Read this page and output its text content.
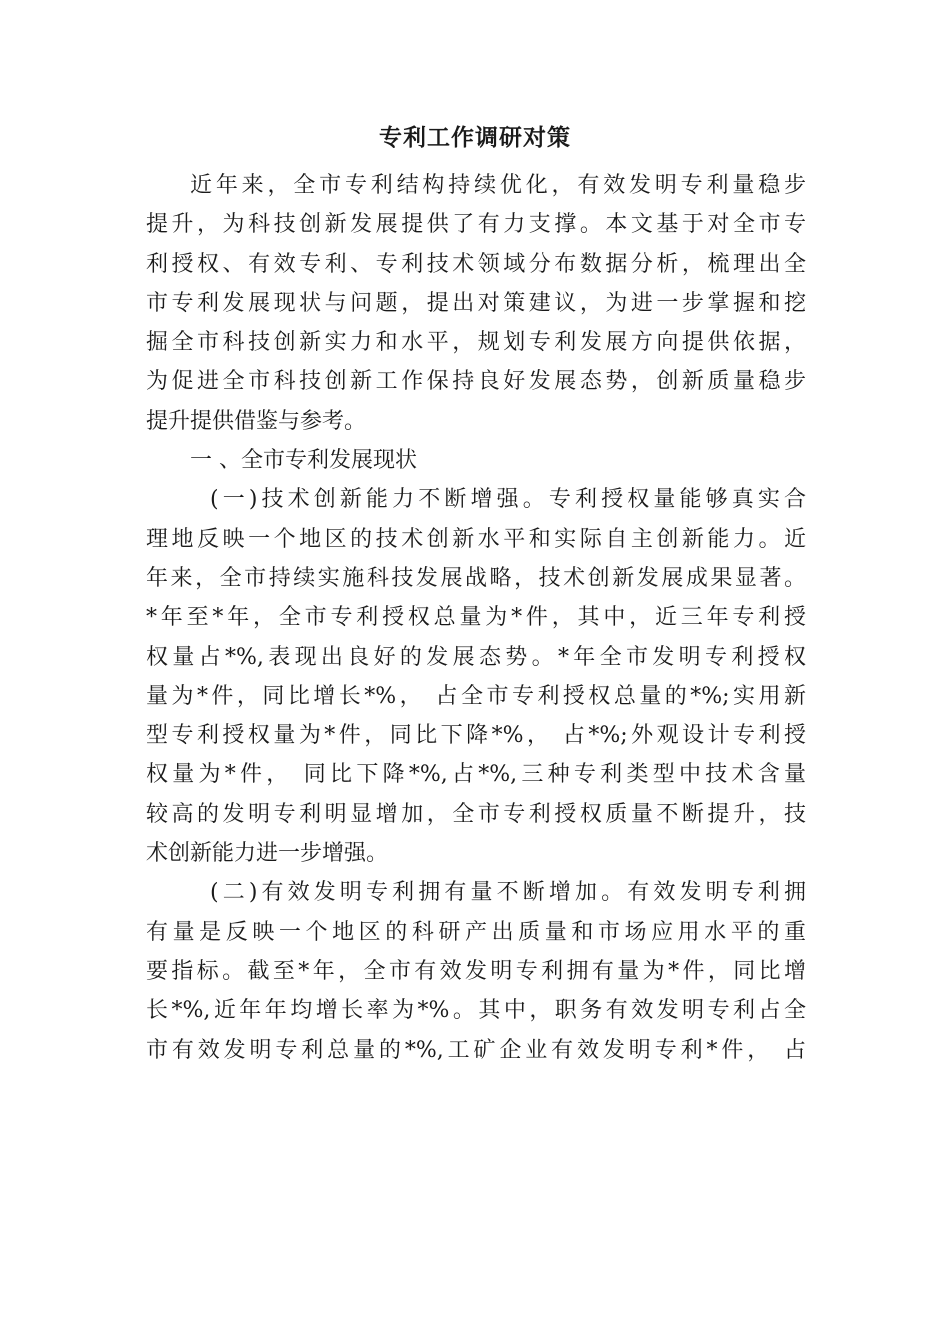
专利工作调研对策
近年来，全市专利结构持续优化，有效发明专利量稳步
提升，为科技创新发展提供了有力支撑。本文基于对全市专
利授权、有效专利、专利技术领域分布数据分析，梳理出全
市专利发展现状与问题，提出对策建议，为进一步掌握和挖
掘全市科技创新实力和水平，规划专利发展方向提供依据，
为促进全市科技创新工作保持良好发展态势，创新质量稳步
提升提供借鉴与参考。
一 、全市专利发展现状
(一)技术创新能力不断增强。专利授权量能够真实合
理地反映一个地区的技术创新水平和实际自主创新能力。近
年来，全市持续实施科技发展战略，技术创新发展成果显著。
*年至*年，全市专利授权总量为*件，其中，近三年专利授
权量占*%,表现出良好的发展态势。*年全市发明专利授权
量为*件，同比增长*%， 占全市专利授权总量的*%;实用新
型专利授权量为*件，同比下降*%， 占*%;外观设计专利授
权量为*件， 同比下降*%,占*%,三种专利类型中技术含量
较高的发明专利明显增加，全市专利授权质量不断提升，技
术创新能力进一步增强。
(二)有效发明专利拥有量不断增加。有效发明专利拥
有量是反映一个地区的科研产出质量和市场应用水平的重
要指标。截至*年，全市有效发明专利拥有量为*件，同比增
长*%,近年年均增长率为*%。其中，职务有效发明专利占全
市有效发明专利总量的*%,工矿企业有效发明专利*件， 占
